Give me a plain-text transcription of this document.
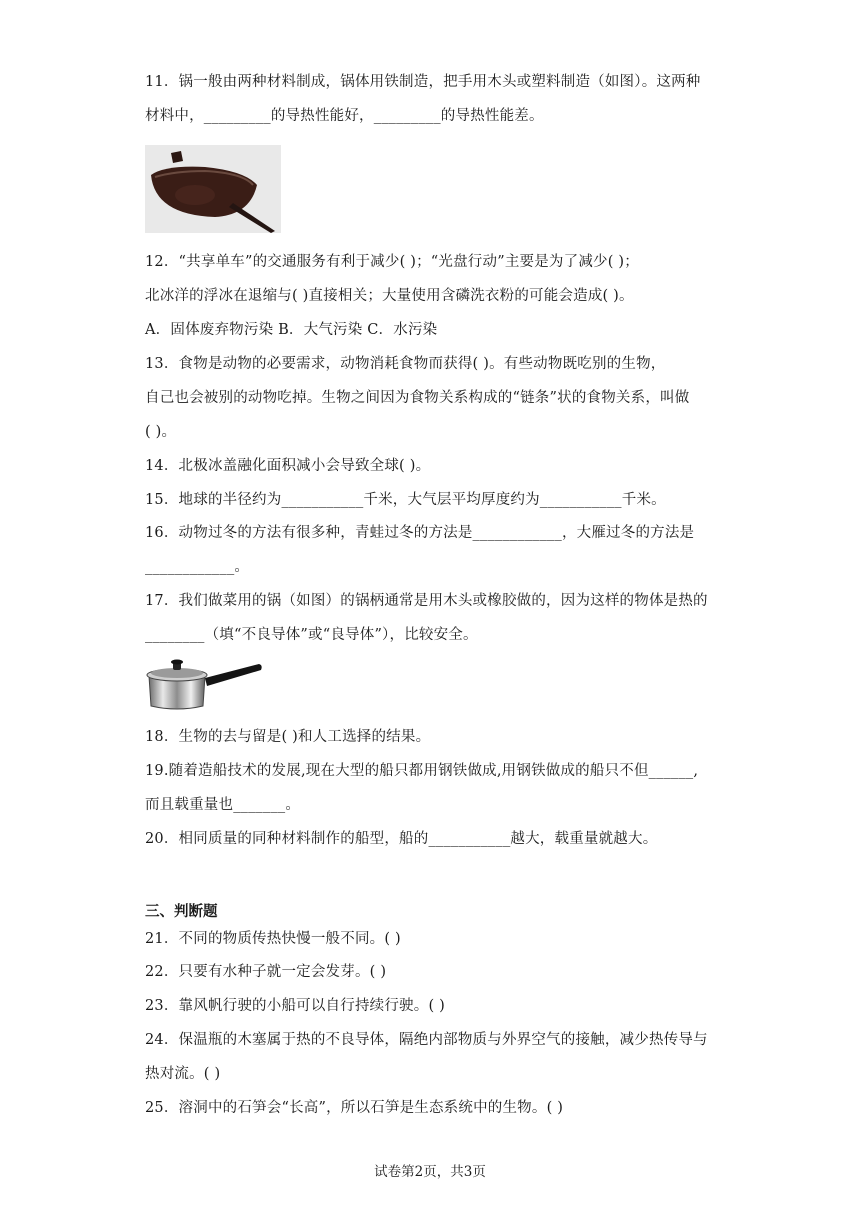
11．锅一般由两种材料制成，锅体用铁制造，把手用木头或塑料制造（如图）。这两种
材料中，_________的导热性能好，_________的导热性能差。
12．“共享单车”的交通服务有利于减少( )；“光盘行动”主要是为了减少( )；
北冰洋的浮冰在退缩与( )直接相关；大量使用含磷洗衣粉的可能会造成( )。
A．固体废弃物污染 B．大气污染 C．水污染
13．食物是动物的必要需求，动物消耗食物而获得( )。有些动物既吃别的生物，
自己也会被别的动物吃掉。生物之间因为食物关系构成的“链条”状的食物关系，叫做
( )。
14．北极冰盖融化面积减小会导致全球( )。
15．地球的半径约为___________千米，大气层平均厚度约为___________千米。
16．动物过冬的方法有很多种，青蛙过冬的方法是____________，大雁过冬的方法是
____________。
17．我们做菜用的锅（如图）的锅柄通常是用木头或橡胶做的，因为这样的物体是热的
________（填“不良导体”或“良导体”），比较安全。
18．生物的去与留是( )和人工选择的结果。
19.随着造船技术的发展,现在大型的船只都用钢铁做成,用钢铁做成的船只不但______,
而且载重量也_______。
20．相同质量的同种材料制作的船型，船的___________越大，载重量就越大。
三、判断题
21．不同的物质传热快慢一般不同。( )
22．只要有水种子就一定会发芽。( )
23．靠风帆行驶的小船可以自行持续行驶。( )
24．保温瓶的木塞属于热的不良导体，隔绝内部物质与外界空气的接触，减少热传导与
热对流。( )
25．溶洞中的石笋会“长高”，所以石笋是生态系统中的生物。( )
试卷第2页，共3页
